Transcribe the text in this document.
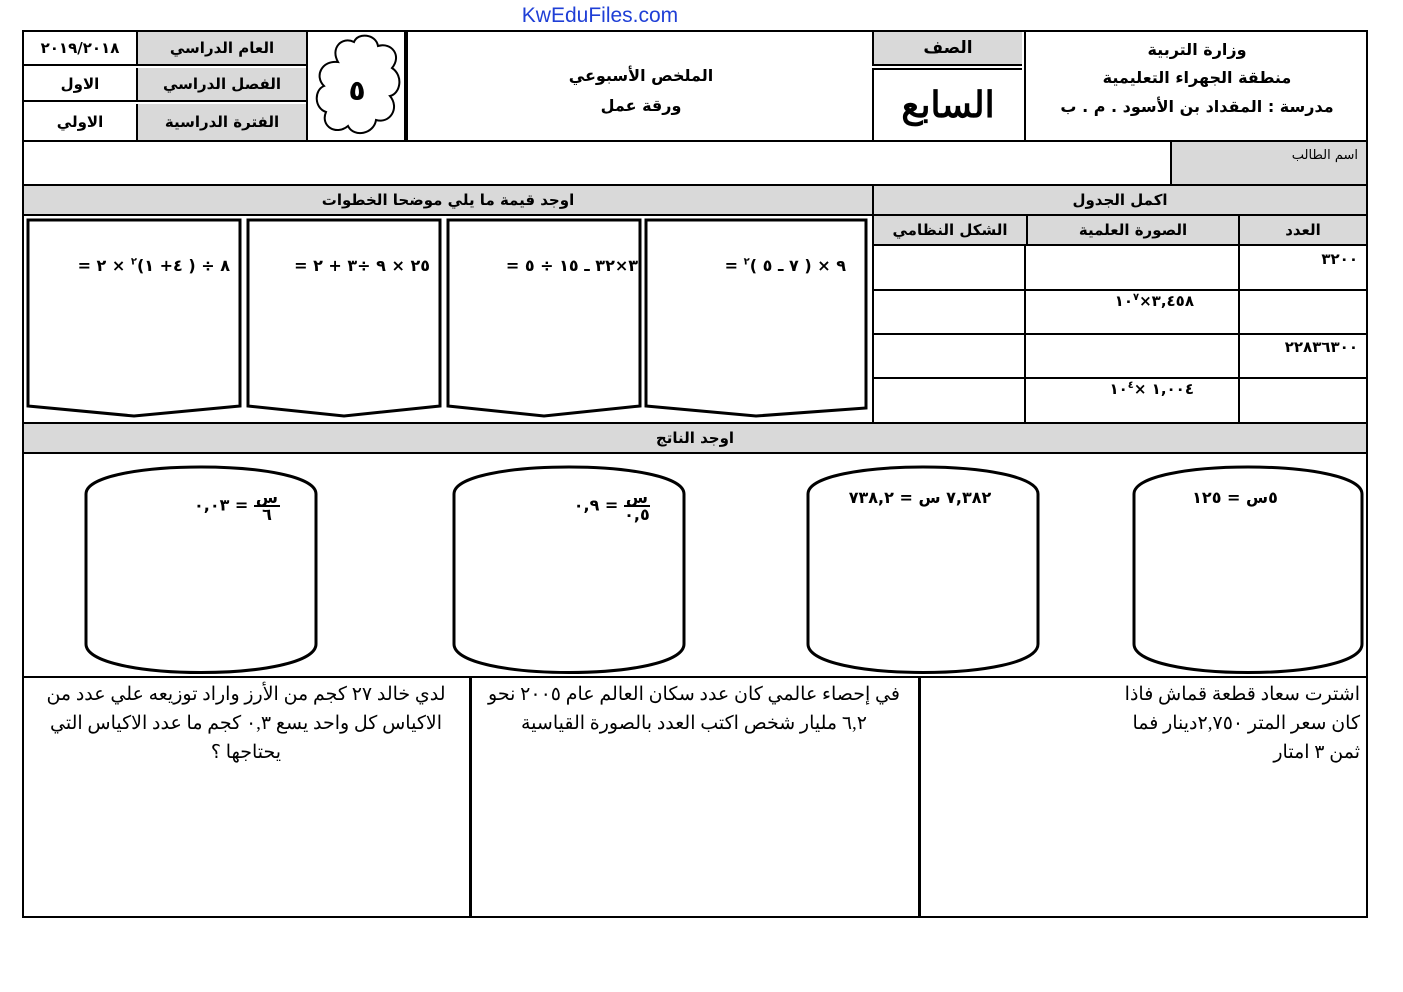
KwEduFiles.com
وزارة التربية
منطقة الجهراء التعليمية
مدرسة : المقداد بن الأسود . م . ب
الصف
السابع
الملخص الأسبوعي
ورقة عمل
٥
العام الدراسي
٢٠١٩/٢٠١٨
الفصل الدراسي
الاول
الفترة الدراسية
الاولي
اسم الطالب
اكمل الجدول
اوجد قيمة ما يلي موضحا الخطوات
العدد
الصورة العلمية
الشكل النظامي
٣٢٠٠
$٣,٤٥٨\times ١٠^٧$
٢٢٨٣٦٣٠٠
١,٠٠٤ $\times ١٠^٤$
٩ × ( ٧ ـ ٥ )$^٢$ =
٣×٣٢ ـ ١٥ ÷ ٥ =
٢٥ × ٩ ÷٣ + ٢ =
٨ ÷ ( ٤+ ١)$^٢$ × ٢ =
اوجد الناتج
٥س = ١٢٥
٧,٣٨٢ س = ٧٣٨,٢
$\frac{\text{س}}{٠,٥}$
= ٠,٩
$\frac{\text{س}}{٦}$
= ٠,٠٣
اشترت سعاد قطعة قماش فاذا كان سعر المتر ٢,٧٥٠دينار فما ثمن ٣ امتار
في إحصاء عالمي كان عدد سكان العالم عام ٢٠٠٥ نحو ٦,٢ مليار شخص اكتب العدد بالصورة القياسية
لدي خالد ٢٧ كجم من الأرز واراد توزيعه علي عدد من الاكياس كل واحد يسع ٠,٣ كجم ما عدد الاكياس التي يحتاجها ؟
